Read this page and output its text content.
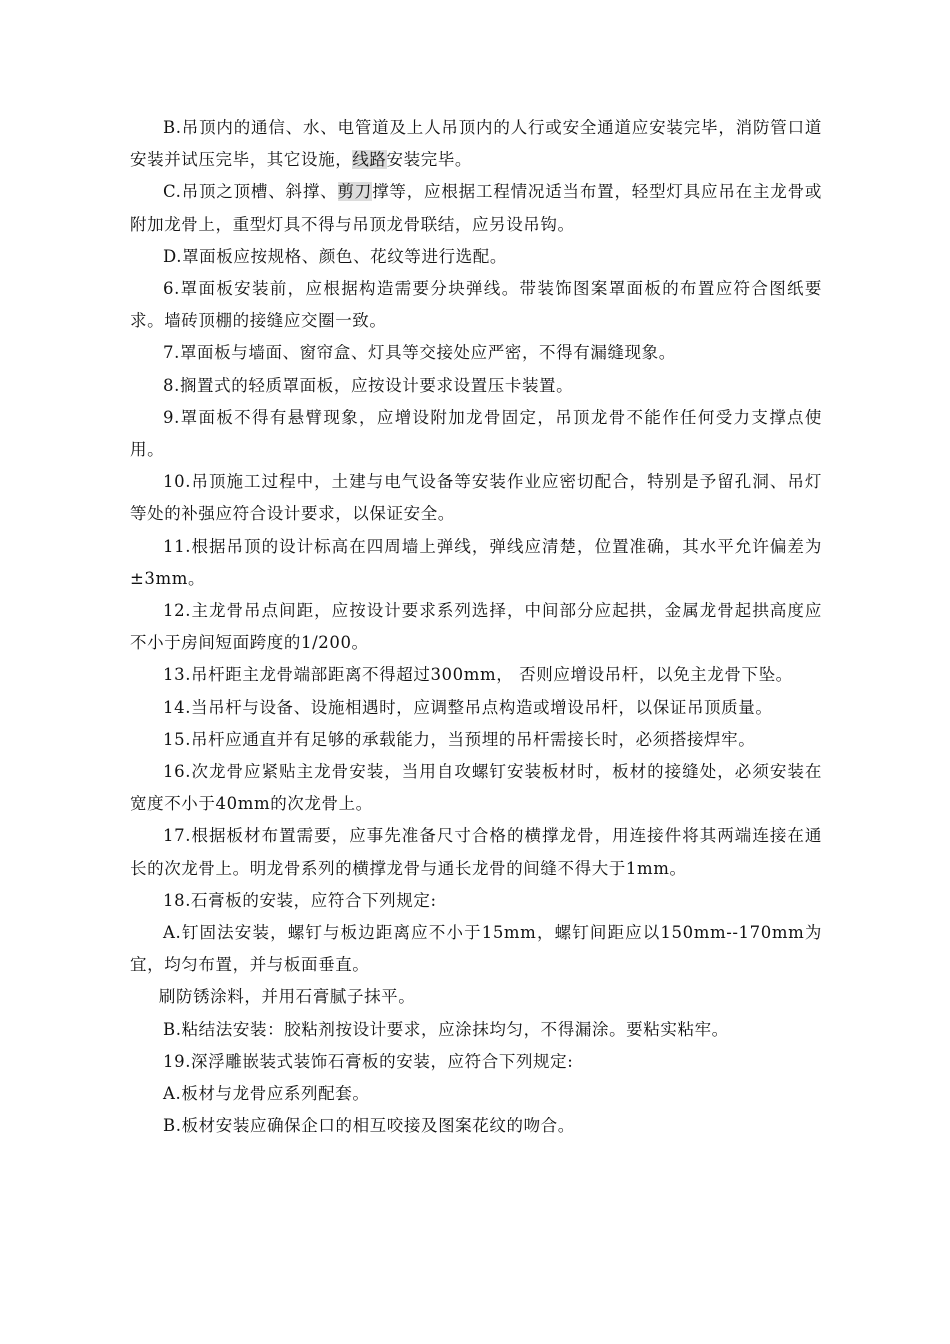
B.吊顶内的通信、水、电管道及上人吊顶内的人行或安全通道应安装完毕，消防管口道安装并试压完毕，其它设施，线路安装完毕。

C.吊顶之顶槽、斜撑、剪刀撑等，应根据工程情况适当布置，轻型灯具应吊在主龙骨或附加龙骨上，重型灯具不得与吊顶龙骨联结，应另设吊钩。

D.罩面板应按规格、颜色、花纹等进行选配。

6.罩面板安装前，应根据构造需要分块弹线。带装饰图案罩面板的布置应符合图纸要求。墙砖顶棚的接缝应交圈一致。

7.罩面板与墙面、窗帘盒、灯具等交接处应严密，不得有漏缝现象。

8.搁置式的轻质罩面板，应按设计要求设置压卡装置。

9.罩面板不得有悬臂现象，应增设附加龙骨固定，吊顶龙骨不能作任何受力支撑点使用。

10.吊顶施工过程中，土建与电气设备等安装作业应密切配合，特别是予留孔洞、吊灯等处的补强应符合设计要求，以保证安全。

11.根据吊顶的设计标高在四周墙上弹线，弹线应清楚，位置准确，其水平允许偏差为±3mm。

12.主龙骨吊点间距，应按设计要求系列选择，中间部分应起拱，金属龙骨起拱高度应不小于房间短面跨度的1/200。

13.吊杆距主龙骨端部距离不得超过300mm， 否则应增设吊杆，以免主龙骨下坠。

14.当吊杆与设备、设施相遇时，应调整吊点构造或增设吊杆，以保证吊顶质量。

15.吊杆应通直并有足够的承载能力，当预埋的吊杆需接长时，必须搭接焊牢。

16.次龙骨应紧贴主龙骨安装，当用自攻螺钉安装板材时，板材的接缝处，必须安装在宽度不小于40mm的次龙骨上。

17.根据板材布置需要，应事先准备尺寸合格的横撑龙骨，用连接件将其两端连接在通长的次龙骨上。明龙骨系列的横撑龙骨与通长龙骨的间缝不得大于1mm。

18.石膏板的安装，应符合下列规定:

A.钉固法安装，螺钉与板边距离应不小于15mm，螺钉间距应以150mm--170mm为宜，均匀布置，并与板面垂直。

刷防锈涂料，并用石膏腻子抹平。

B.粘结法安装：胶粘剂按设计要求，应涂抹均匀，不得漏涂。要粘实粘牢。

19.深浮雕嵌装式装饰石膏板的安装，应符合下列规定:

A.板材与龙骨应系列配套。

B.板材安装应确保企口的相互咬接及图案花纹的吻合。
